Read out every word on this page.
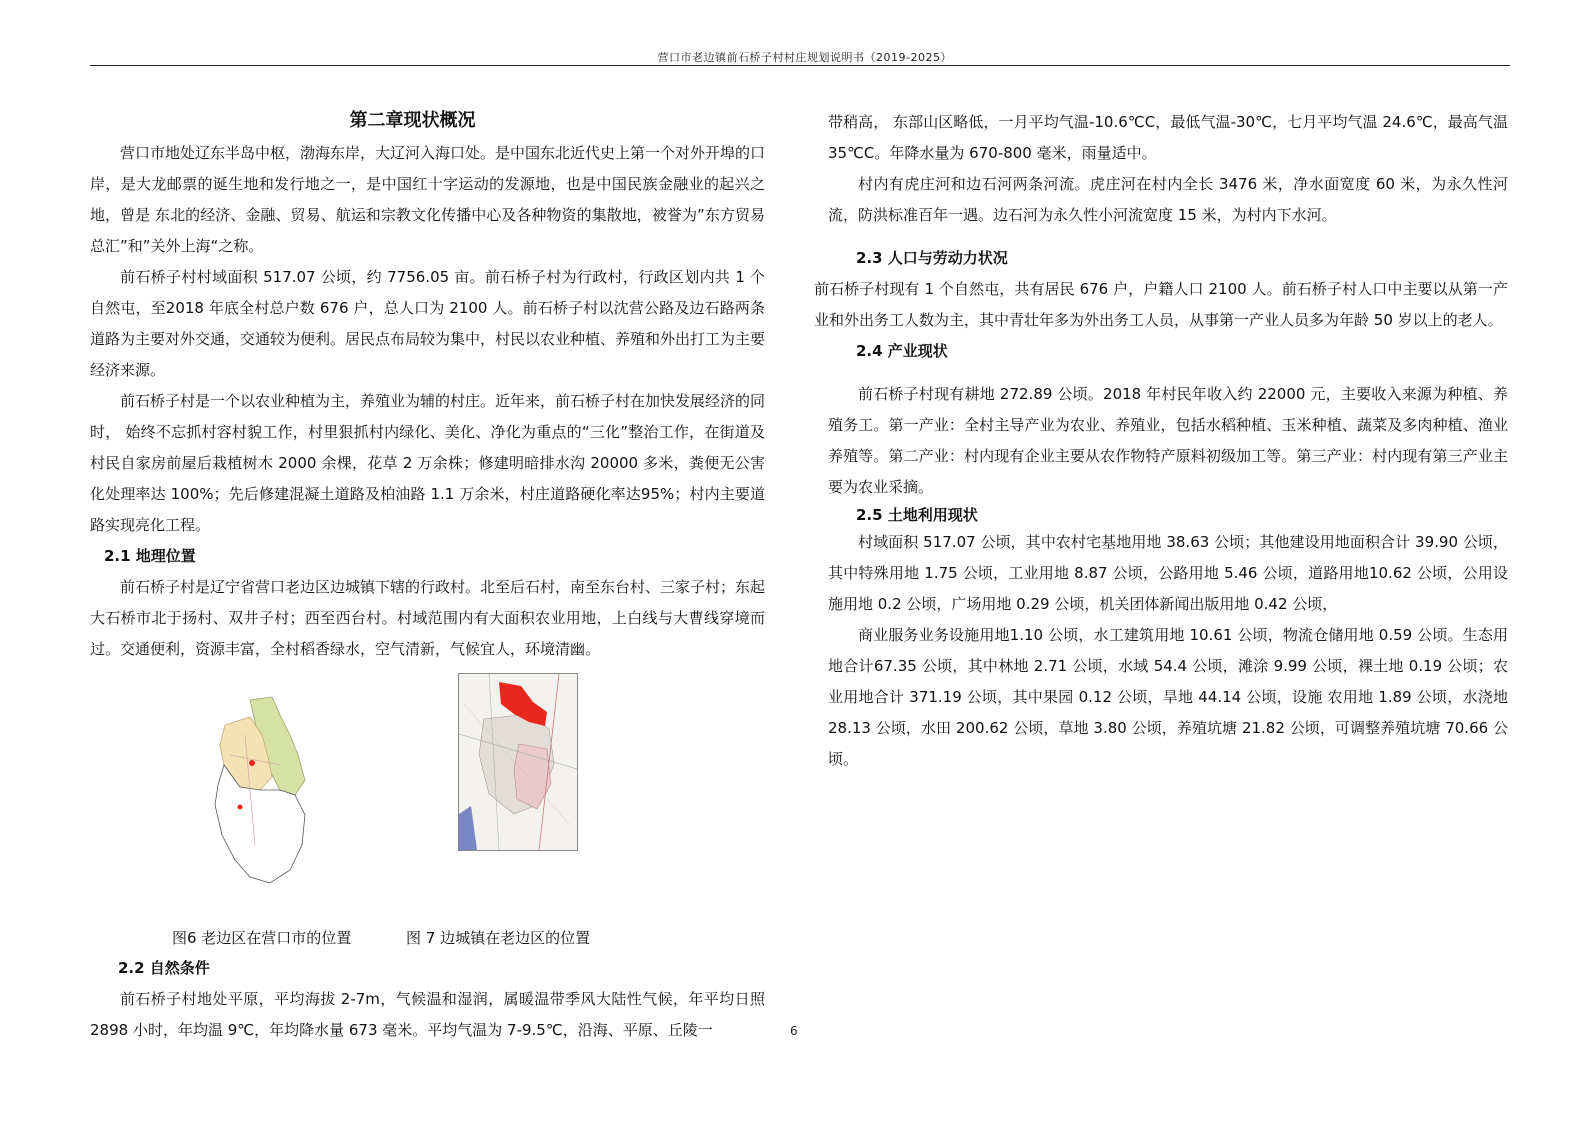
营口市老边镇前石桥子村村庄规划说明书（2019-2025）
第二章现状概况

营口市地处辽东半岛中枢，渤海东岸，大辽河入海口处。是中国东北近代史上第一个对外开埠的口岸，是大龙邮票的诞生地和发行地之一，是中国红十字运动的发源地，也是中国民族金融业的起兴之地，曾是 东北的经济、金融、贸易、航运和宗教文化传播中心及各种物资的集散地，被誉为”东方贸易总汇”和”关外上海“之称。

前石桥子村村域面积 517.07 公顷，约 7756.05 亩。前石桥子村为行政村，行政区划内共 1 个自然屯，至2018 年底全村总户数 676 户，总人口为 2100 人。前石桥子村以沈营公路及边石路两条道路为主要对外交通，交通较为便利。居民点布局较为集中，村民以农业种植、养殖和外出打工为主要经济来源。

前石桥子村是一个以农业种植为主，养殖业为辅的村庄。近年来，前石桥子村在加快发展经济的同时， 始终不忘抓村容村貌工作，村里狠抓村内绿化、美化、净化为重点的“三化”整治工作，在街道及村民自家房前屋后栽植树木 2000 余棵，花草 2 万余株；修建明暗排水沟 20000 多米，粪便无公害化处理率达 100%；先后修建混凝土道路及柏油路 1.1 万余米，村庄道路硬化率达95%；村内主要道路实现亮化工程。

2.1 地理位置

前石桥子村是辽宁省营口老边区边城镇下辖的行政村。北至后石村，南至东台村、三家子村；东起大石桥市北于扬村、双井子村；西至西台村。村域范围内有大面积农业用地，上白线与大曹线穿境而过。交通便利，资源丰富，全村稻香绿水，空气清新，气候宜人，环境清幽。

图6 老边区在营口市的位置	图 7 边城镇在老边区的位置
2.2 自然条件

前石桥子村地处平原，平均海拔 2-7m，气候温和湿润，属暖温带季风大陆性气候，年平均日照2898 小时，年均温 9℃，年均降水量 673 毫米。平均气温为 7-9.5℃，沿海、平原、丘陵一

带稍高， 东部山区略低，一月平均气温-10.6℃C，最低气温-30℃，七月平均气温 24.6℃，最高气温 35℃C。年降水量为 670-800 毫米，雨量适中。

村内有虎庄河和边石河两条河流。虎庄河在村内全长 3476 米，净水面宽度 60 米，为永久性河流，防洪标准百年一遇。边石河为永久性小河流宽度 15 米，为村内下水河。

2.3 人口与劳动力状况

前石桥子村现有 1 个自然屯，共有居民 676 户，户籍人口 2100 人。前石桥子村人口中主要以从第一产业和外出务工人数为主，其中青壮年多为外出务工人员，从事第一产业人员多为年龄 50 岁以上的老人。

2.4 产业现状

前石桥子村现有耕地 272.89 公顷。2018 年村民年收入约 22000 元，主要收入来源为种植、养殖务工。第一产业：全村主导产业为农业、养殖业，包括水稻种植、玉米种植、蔬菜及多肉种植、渔业养殖等。第二产业：村内现有企业主要从农作物特产原料初级加工等。第三产业：村内现有第三产业主要为农业采摘。

2.5 土地利用现状

村域面积 517.07 公顷，其中农村宅基地用地 38.63 公顷；其他建设用地面积合计 39.90 公顷，其中特殊用地 1.75 公顷，工业用地 8.87 公顷，公路用地 5.46 公顷，道路用地10.62 公顷，公用设施用地 0.2 公顷，广场用地 0.29 公顷，机关团体新闻出版用地 0.42 公顷，

商业服务业务设施用地1.10 公顷，水工建筑用地 10.61 公顷，物流仓储用地 0.59 公顷。生态用地合计67.35 公顷，其中林地 2.71 公顷，水域 54.4 公顷，滩涂 9.99 公顷，裸土地 0.19 公顷；农业用地合计 371.19 公顷，其中果园 0.12 公顷，旱地 44.14 公顷，设施 农用地 1.89 公顷，水浇地 28.13 公顷，水田 200.62 公顷，草地 3.80 公顷，养殖坑塘 21.82 公顷，可调整养殖坑塘 70.66 公顷。

6
